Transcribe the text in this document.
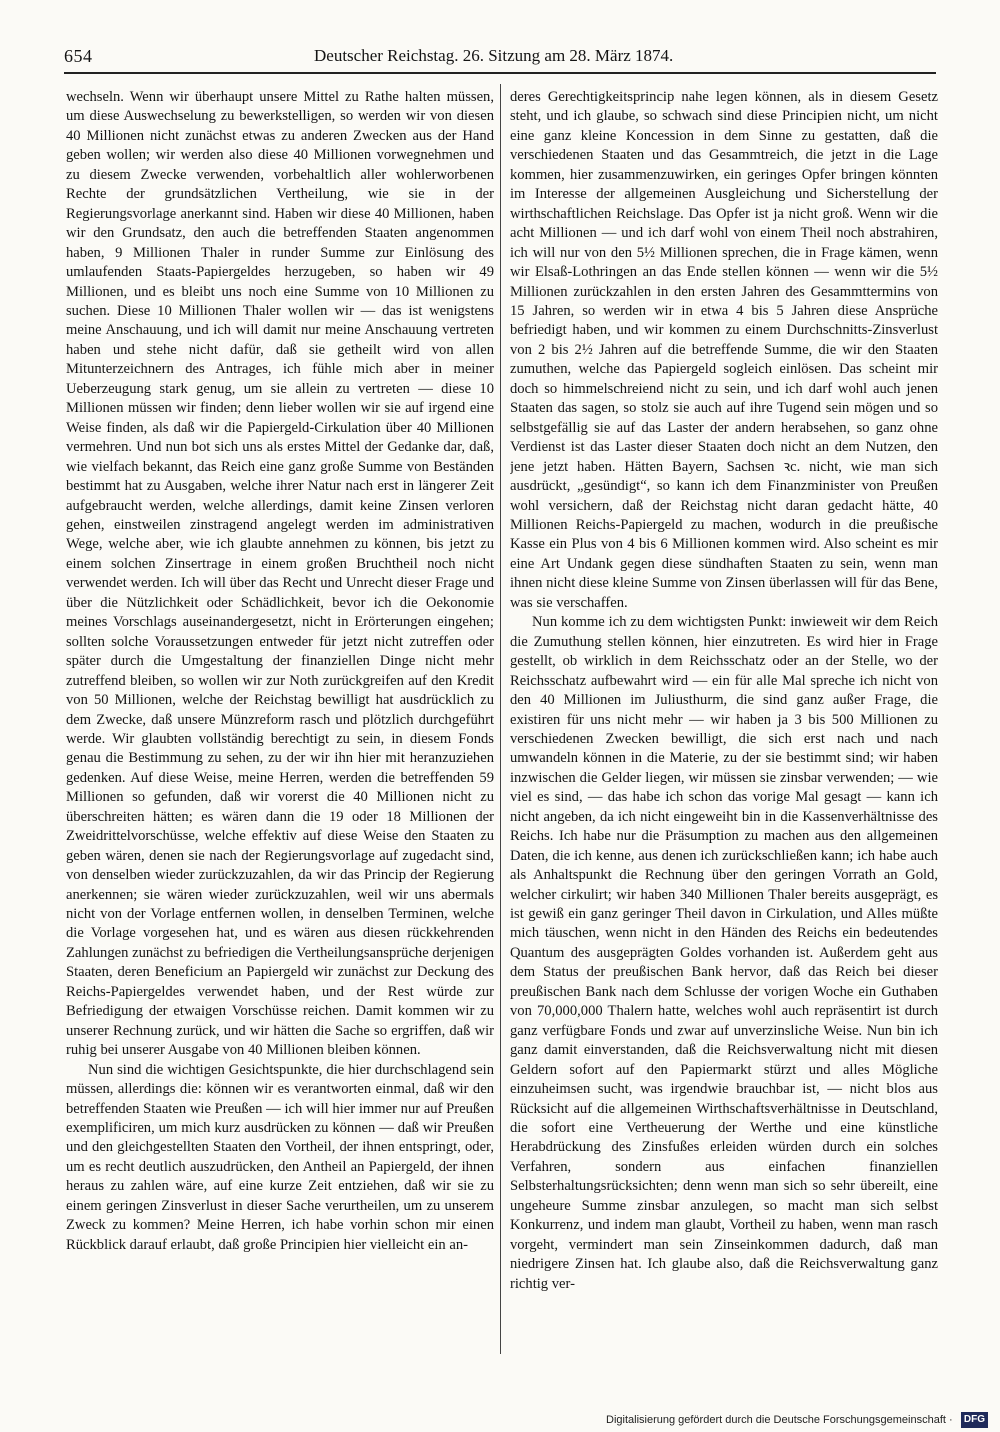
654	Deutscher Reichstag. 26. Sitzung am 28. März 1874.

wechseln. Wenn wir überhaupt unsere Mittel zu Rathe halten müssen, um diese Auswechselung zu bewerkstelligen, so werden wir von diesen 40 Millionen nicht zunächst etwas zu anderen Zwecken aus der Hand geben wollen; wir werden also diese 40 Millionen vorwegnehmen und zu diesem Zwecke verwenden, vorbehaltlich aller wohlerworbenen Rechte der grundsätzlichen Vertheilung, wie sie in der Regierungsvorlage anerkannt sind. Haben wir diese 40 Millionen, haben wir den Grundsatz, den auch die betreffenden Staaten angenommen haben, 9 Millionen Thaler in runder Summe zur Einlösung des umlaufenden Staats-Papiergeldes herzugeben, so haben wir 49 Millionen, und es bleibt uns noch eine Summe von 10 Millionen zu suchen. Diese 10 Millionen Thaler wollen wir — das ist wenigstens meine Anschauung, und ich will damit nur meine Anschauung vertreten haben und stehe nicht dafür, daß sie getheilt wird von allen Mitunterzeichnern des Antrages, ich fühle mich aber in meiner Ueberzeugung stark genug, um sie allein zu vertreten — diese 10 Millionen müssen wir finden; denn lieber wollen wir sie auf irgend eine Weise finden, als daß wir die Papiergeld-Cirkulation über 40 Millionen vermehren. Und nun bot sich uns als erstes Mittel der Gedanke dar, daß, wie vielfach bekannt, das Reich eine ganz große Summe von Beständen bestimmt hat zu Ausgaben, welche ihrer Natur nach erst in längerer Zeit aufgebraucht werden, welche allerdings, damit keine Zinsen verloren gehen, einstweilen zinstragend angelegt werden im administrativen Wege, welche aber, wie ich glaubte annehmen zu können, bis jetzt zu einem solchen Zinsertrage in einem großen Bruchtheil noch nicht verwendet werden. Ich will über das Recht und Unrecht dieser Frage und über die Nützlichkeit oder Schädlichkeit, bevor ich die Oekonomie meines Vorschlags auseinandergesetzt, nicht in Erörterungen eingehen; sollten solche Voraussetzungen entweder für jetzt nicht zutreffen oder später durch die Umgestaltung der finanziellen Dinge nicht mehr zutreffend bleiben, so wollen wir zur Noth zurückgreifen auf den Kredit von 50 Millionen, welche der Reichstag bewilligt hat ausdrücklich zu dem Zwecke, daß unsere Münzreform rasch und plötzlich durchgeführt werde. Wir glaubten vollständig berechtigt zu sein, in diesem Fonds genau die Bestimmung zu sehen, zu der wir ihn hier mit heranzuziehen gedenken. Auf diese Weise, meine Herren, werden die betreffenden 59 Millionen so gefunden, daß wir vorerst die 40 Millionen nicht zu überschreiten hätten; es wären dann die 19 oder 18 Millionen der Zweidrittelvorschüsse, welche effektiv auf diese Weise den Staaten zu geben wären, denen sie nach der Regierungsvorlage auf zugedacht sind, von denselben wieder zurückzuzahlen, da wir das Princip der Regierung anerkennen; sie wären wieder zurückzuzahlen, weil wir uns abermals nicht von der Vorlage entfernen wollen, in denselben Terminen, welche die Vorlage vorgesehen hat, und es wären aus diesen rückkehrenden Zahlungen zunächst zu befriedigen die Vertheilungsansprüche derjenigen Staaten, deren Beneficium an Papiergeld wir zunächst zur Deckung des Reichs-Papiergeldes verwendet haben, und der Rest würde zur Befriedigung der etwaigen Vorschüsse reichen. Damit kommen wir zu unserer Rechnung zurück, und wir hätten die Sache so ergriffen, daß wir ruhig bei unserer Ausgabe von 40 Millionen bleiben können.

Nun sind die wichtigen Gesichtspunkte, die hier durchschlagend sein müssen, allerdings die: können wir es verantworten einmal, daß wir den betreffenden Staaten wie Preußen — ich will hier immer nur auf Preußen exemplificiren, um mich kurz ausdrücken zu können — daß wir Preußen und den gleichgestellten Staaten den Vortheil, der ihnen entspringt, oder, um es recht deutlich auszudrücken, den Antheil an Papiergeld, der ihnen heraus zu zahlen wäre, auf eine kurze Zeit entziehen, daß wir sie zu einem geringen Zinsverlust in dieser Sache verurtheilen, um zu unserem Zweck zu kommen? Meine Herren, ich habe vorhin schon mir einen Rückblick darauf erlaubt, daß große Principien hier vielleicht ein an-

deres Gerechtigkeitsprincip nahe legen können, als in diesem Gesetz steht, und ich glaube, so schwach sind diese Principien nicht, um nicht eine ganz kleine Koncession in dem Sinne zu gestatten, daß die verschiedenen Staaten und das Gesammtreich, die jetzt in die Lage kommen, hier zusammenzuwirken, ein geringes Opfer bringen könnten im Interesse der allgemeinen Ausgleichung und Sicherstellung der wirthschaftlichen Reichslage. Das Opfer ist ja nicht groß. Wenn wir die acht Millionen — und ich darf wohl von einem Theil noch abstrahiren, ich will nur von den 5½ Millionen sprechen, die in Frage kämen, wenn wir Elsaß-Lothringen an das Ende stellen können — wenn wir die 5½ Millionen zurückzahlen in den ersten Jahren des Gesammttermins von 15 Jahren, so werden wir in etwa 4 bis 5 Jahren diese Ansprüche befriedigt haben, und wir kommen zu einem Durchschnitts-Zinsverlust von 2 bis 2½ Jahren auf die betreffende Summe, die wir den Staaten zumuthen, welche das Papiergeld sogleich einlösen. Das scheint mir doch so himmelschreiend nicht zu sein, und ich darf wohl auch jenen Staaten das sagen, so stolz sie auch auf ihre Tugend sein mögen und so selbstgefällig sie auf das Laster der andern herabsehen, so ganz ohne Verdienst ist das Laster dieser Staaten doch nicht an dem Nutzen, den jene jetzt haben. Hätten Bayern, Sachsen ꝛc. nicht, wie man sich ausdrückt, „gesündigt“, so kann ich dem Finanzminister von Preußen wohl versichern, daß der Reichstag nicht daran gedacht hätte, 40 Millionen Reichs-Papiergeld zu machen, wodurch in die preußische Kasse ein Plus von 4 bis 6 Millionen kommen wird. Also scheint es mir eine Art Undank gegen diese sündhaften Staaten zu sein, wenn man ihnen nicht diese kleine Summe von Zinsen überlassen will für das Bene, was sie verschaffen.

Nun komme ich zu dem wichtigsten Punkt: inwieweit wir dem Reich die Zumuthung stellen können, hier einzutreten. Es wird hier in Frage gestellt, ob wirklich in dem Reichsschatz oder an der Stelle, wo der Reichsschatz aufbewahrt wird — ein für alle Mal spreche ich nicht von den 40 Millionen im Juliusthurm, die sind ganz außer Frage, die existiren für uns nicht mehr — wir haben ja 3 bis 500 Millionen zu verschiedenen Zwecken bewilligt, die sich erst nach und nach umwandeln können in die Materie, zu der sie bestimmt sind; wir haben inzwischen die Gelder liegen, wir müssen sie zinsbar verwenden; — wie viel es sind, — das habe ich schon das vorige Mal gesagt — kann ich nicht angeben, da ich nicht eingeweiht bin in die Kassenverhältnisse des Reichs. Ich habe nur die Präsumption zu machen aus den allgemeinen Daten, die ich kenne, aus denen ich zurückschließen kann; ich habe auch als Anhaltspunkt die Rechnung über den geringen Vorrath an Gold, welcher cirkulirt; wir haben 340 Millionen Thaler bereits ausgeprägt, es ist gewiß ein ganz geringer Theil davon in Cirkulation, und Alles müßte mich täuschen, wenn nicht in den Händen des Reichs ein bedeutendes Quantum des ausgeprägten Goldes vorhanden ist. Außerdem geht aus dem Status der preußischen Bank hervor, daß das Reich bei dieser preußischen Bank nach dem Schlusse der vorigen Woche ein Guthaben von 70,000,000 Thalern hatte, welches wohl auch repräsentirt ist durch ganz verfügbare Fonds und zwar auf unverzinsliche Weise. Nun bin ich ganz damit einverstanden, daß die Reichsverwaltung nicht mit diesen Geldern sofort auf den Papiermarkt stürzt und alles Mögliche einzuheimsen sucht, was irgendwie brauchbar ist, — nicht blos aus Rücksicht auf die allgemeinen Wirthschaftsverhältnisse in Deutschland, die sofort eine Vertheuerung der Werthe und eine künstliche Herabdrückung des Zinsfußes erleiden würden durch ein solches Verfahren, sondern aus einfachen finanziellen Selbsterhaltungsrücksichten; denn wenn man sich so sehr übereilt, eine ungeheure Summe zinsbar anzulegen, so macht man sich selbst Konkurrenz, und indem man glaubt, Vortheil zu haben, wenn man rasch vorgeht, vermindert man sein Zinseinkommen dadurch, daß man niedrigere Zinsen hat. Ich glaube also, daß die Reichsverwaltung ganz richtig ver-

Digitalisierung gefördert durch die Deutsche Forschungsgemeinschaft ·	DFG
